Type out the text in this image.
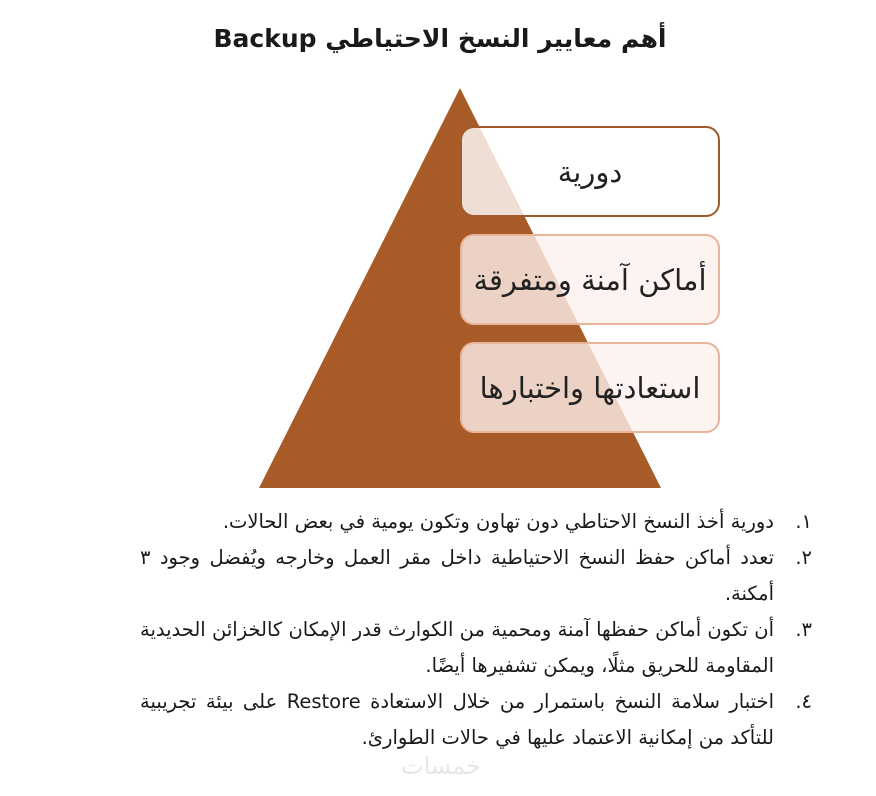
أهم معايير النسخ الاحتياطي Backup
دورية
أماكن آمنة ومتفرقة
استعادتها واختبارها
١.
دورية أخذ النسخ الاحتاطي دون تهاون وتكون يومية في بعض الحالات.
٢.
تعدد أماكن حفظ النسخ الاحتياطية داخل مقر العمل وخارجه ويُفضل وجود ٣ أمكنة.
٣.
أن تكون أماكن حفظها آمنة ومحمية من الكوارث قدر الإمكان كالخزائن الحديدية المقاومة للحريق مثلًا، ويمكن تشفيرها أيضًا.
٤.
اختبار سلامة النسخ باستمرار من خلال الاستعادة Restore على بيئة تجريبية للتأكد من إمكانية الاعتماد عليها في حالات الطوارئ.
خمسات
